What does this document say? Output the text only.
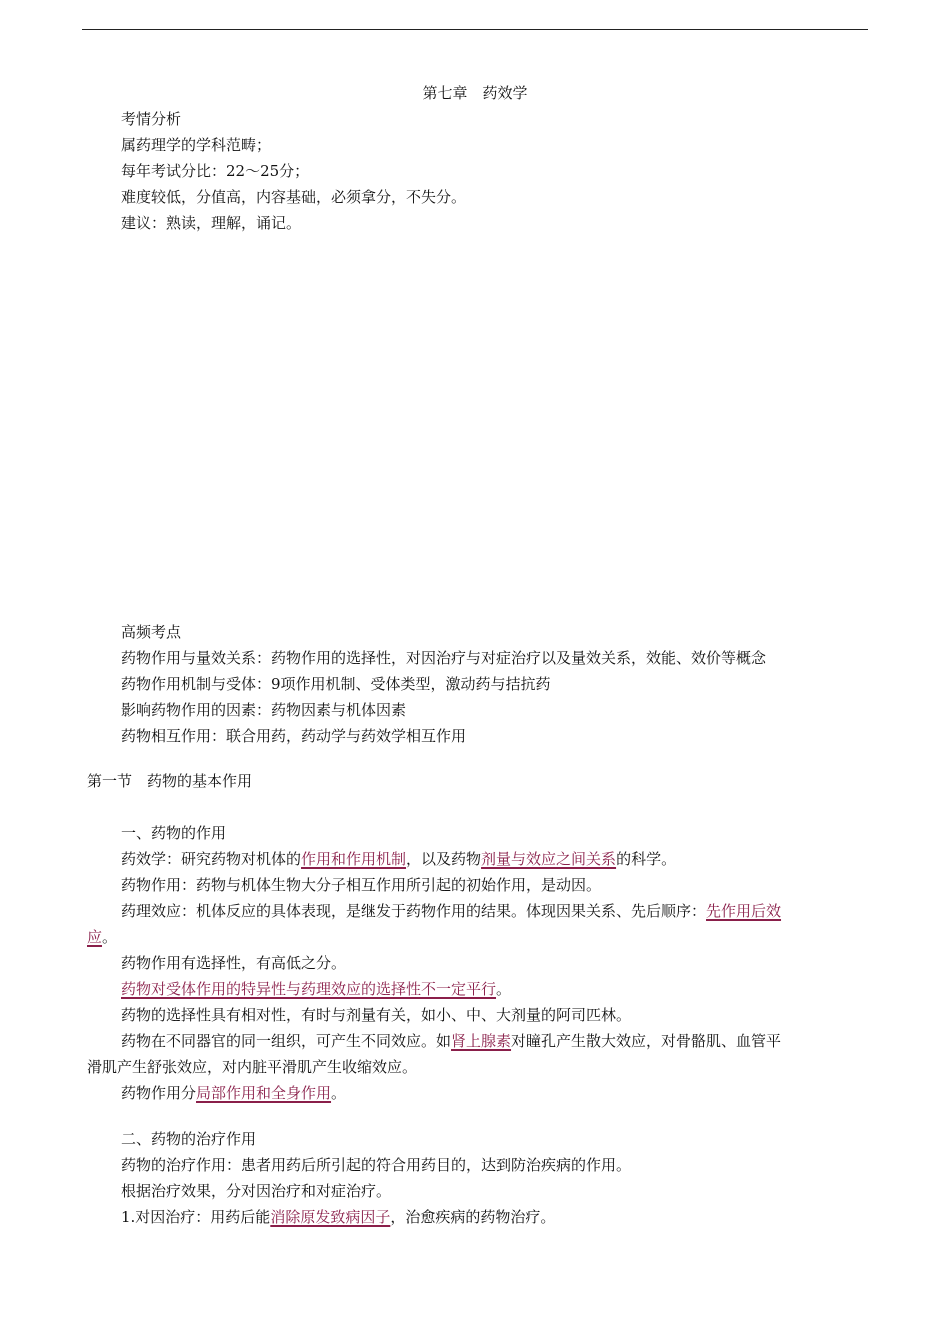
第七章　药效学
考情分析
属药理学的学科范畴；
每年考试分比：22～25分；
难度较低，分值高，内容基础，必须拿分，不失分。
建议：熟读，理解，诵记。
高频考点
药物作用与量效关系：药物作用的选择性，对因治疗与对症治疗以及量效关系，效能、效价等概念
药物作用机制与受体：9项作用机制、受体类型，激动药与拮抗药
影响药物作用的因素：药物因素与机体因素
药物相互作用：联合用药，药动学与药效学相互作用
第一节　药物的基本作用
一、药物的作用
药效学：研究药物对机体的作用和作用机制，以及药物剂量与效应之间关系的科学。
药物作用：药物与机体生物大分子相互作用所引起的初始作用，是动因。
药理效应：机体反应的具体表现，是继发于药物作用的结果。体现因果关系、先后顺序：先作用后效
应。
药物作用有选择性，有高低之分。
药物对受体作用的特异性与药理效应的选择性不一定平行。
药物的选择性具有相对性，有时与剂量有关，如小、中、大剂量的阿司匹林。
药物在不同器官的同一组织，可产生不同效应。如肾上腺素对瞳孔产生散大效应，对骨骼肌、血管平
滑肌产生舒张效应，对内脏平滑肌产生收缩效应。
药物作用分局部作用和全身作用。
二、药物的治疗作用
药物的治疗作用：患者用药后所引起的符合用药目的，达到防治疾病的作用。
根据治疗效果，分对因治疗和对症治疗。
1.对因治疗：用药后能消除原发致病因子，治愈疾病的药物治疗。
